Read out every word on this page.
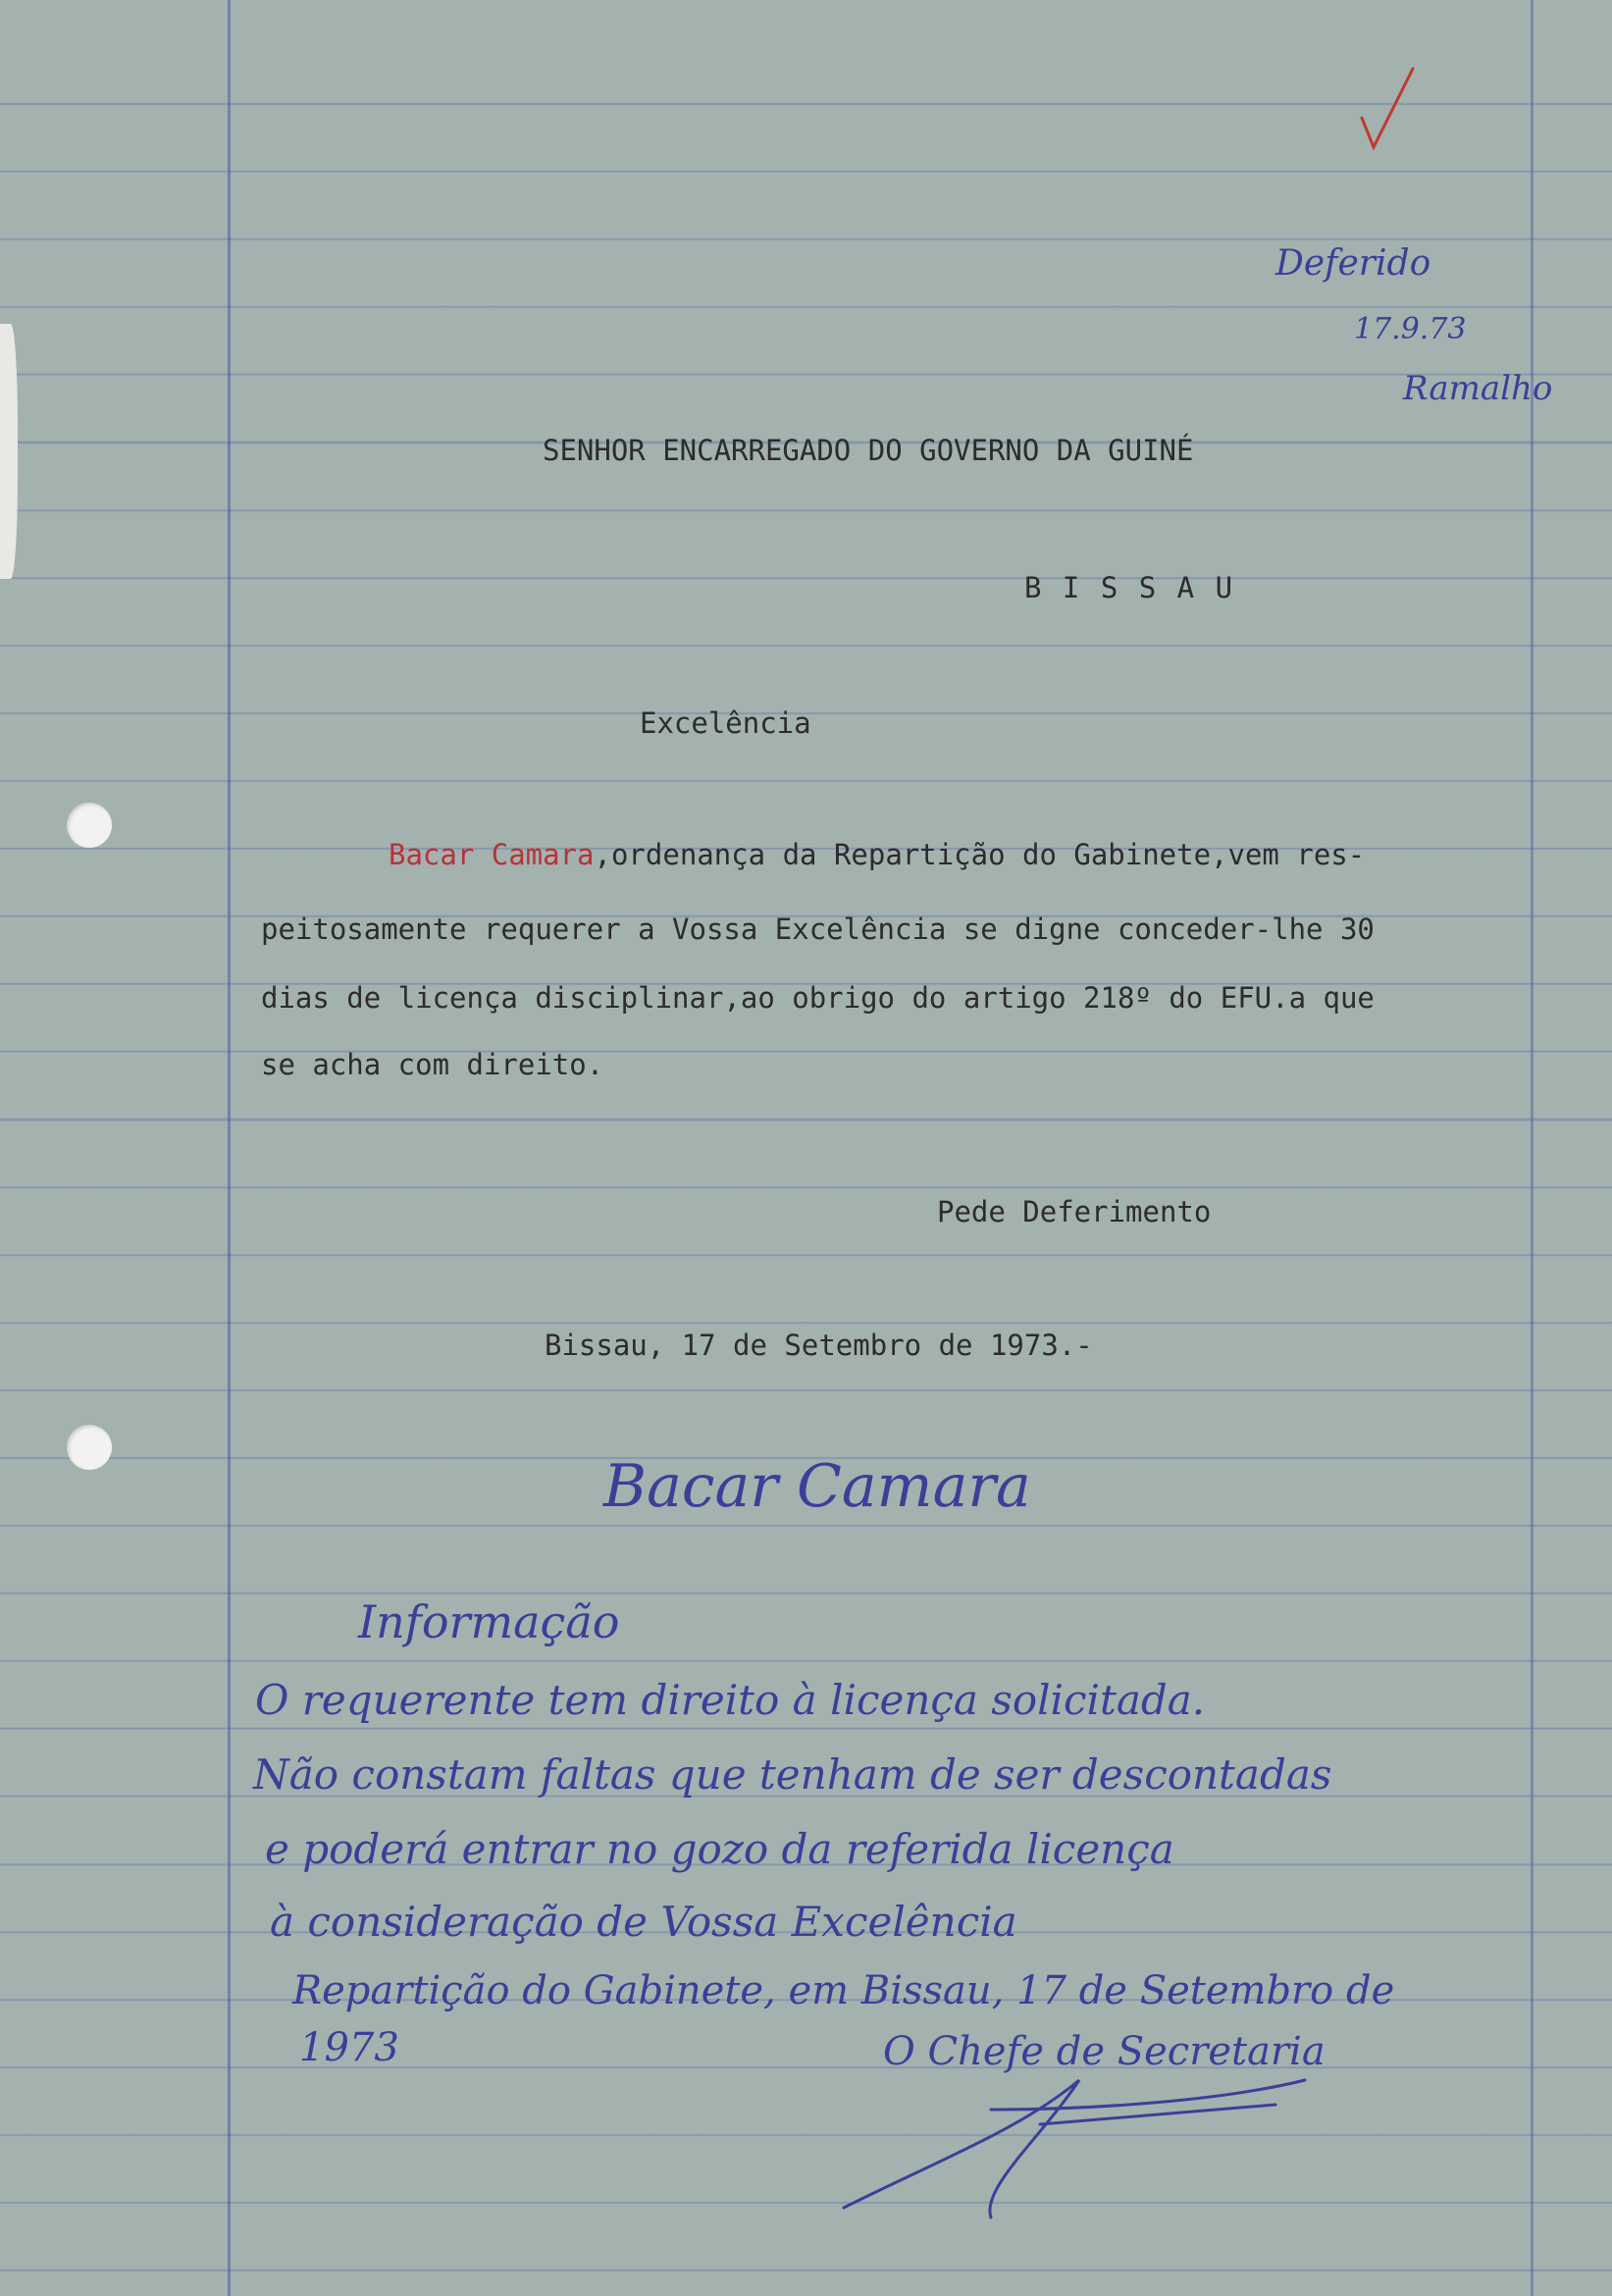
SENHOR ENCARREGADO DO GOVERNO DA GUINÉ
B I S S A U
Excelência
Bacar Camara,ordenança da Repartição do Gabinete,vem res-
peitosamente requerer a Vossa Excelência se digne conceder-lhe 30
dias de licença disciplinar,ao obrigo do artigo 218º do EFU.a que
se acha com direito.
Pede Deferimento
Bissau, 17 de Setembro de 1973.-
Bacar Camara
Deferido
17.9.73
Ramalho
Informação
O requerente tem direito à licença solicitada.
Não constam faltas que tenham de ser descontadas
e poderá entrar no gozo da referida licença
à consideração de Vossa Excelência
Repartição do Gabinete, em Bissau, 17 de Setembro de
1973	O Chefe de Secretaria
